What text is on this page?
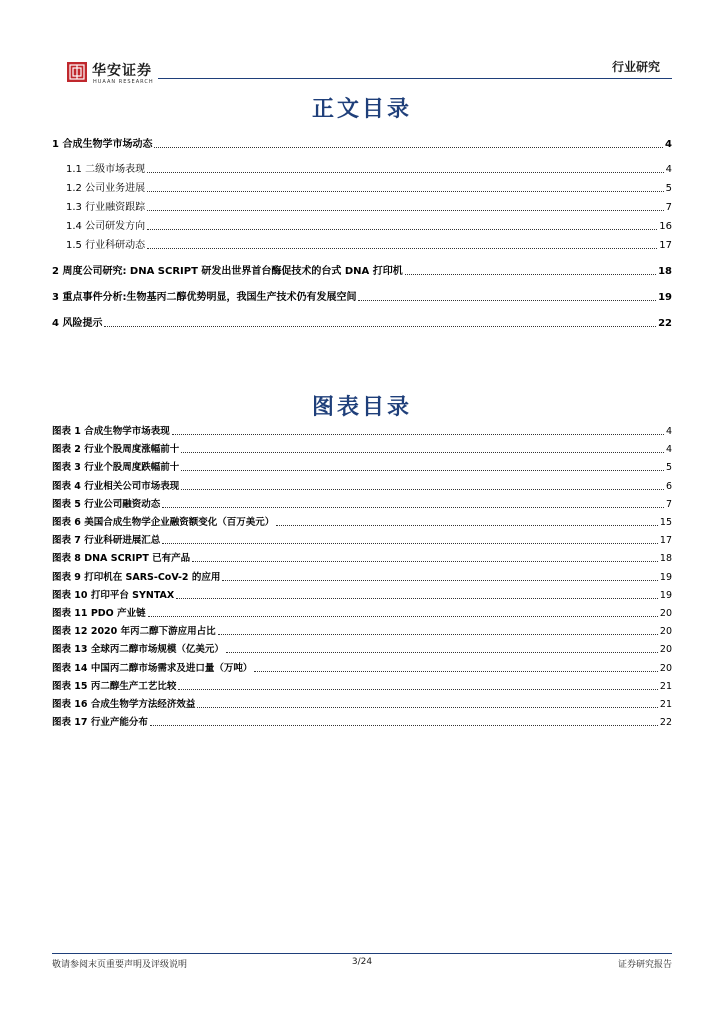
华安证券
HUAAN RESEARCH
行业研究
正文目录
1 合成生物学市场动态	4
1.1 二级市场表现	4
1.2 公司业务进展	5
1.3 行业融资跟踪	7
1.4 公司研发方向	16
1.5 行业科研动态	17
2 周度公司研究: DNA SCRIPT 研发出世界首台酶促技术的台式 DNA 打印机	18
3 重点事件分析:生物基丙二醇优势明显，我国生产技术仍有发展空间	19
4 风险提示	22
图表目录
图表 1 合成生物学市场表现	4
图表 2 行业个股周度涨幅前十	4
图表 3 行业个股周度跌幅前十	5
图表 4 行业相关公司市场表现	6
图表 5 行业公司融资动态	7
图表 6 美国合成生物学企业融资额变化（百万美元）	15
图表 7 行业科研进展汇总	17
图表 8 DNA SCRIPT 已有产品	18
图表 9 打印机在 SARS-CoV-2 的应用	19
图表 10 打印平台 SYNTAX	19
图表 11 PDO 产业链	20
图表 12 2020 年丙二醇下游应用占比	20
图表 13 全球丙二醇市场规模（亿美元）	20
图表 14 中国丙二醇市场需求及进口量（万吨）	20
图表 15 丙二醇生产工艺比较	21
图表 16 合成生物学方法经济效益	21
图表 17 行业产能分布	22
敬请参阅末页重要声明及评级说明	3/24	证券研究报告
